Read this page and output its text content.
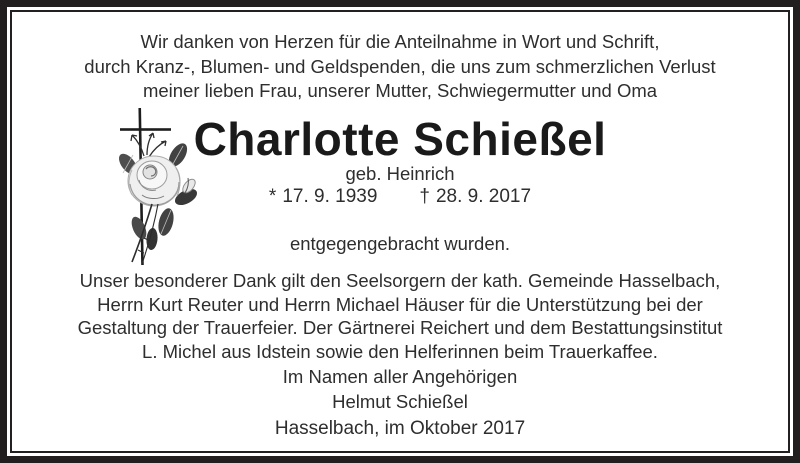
Wir danken von Herzen für die Anteilnahme in Wort und Schrift,
durch Kranz-, Blumen- und Geldspenden, die uns zum schmerzlichen Verlust
meiner lieben Frau, unserer Mutter, Schwiegermutter und Oma
Charlotte Schießel
geb. Heinrich
* 17. 9. 1939 † 28. 9. 2017
entgegengebracht wurden.
Unser besonderer Dank gilt den Seelsorgern der kath. Gemeinde Hasselbach,
Herrn Kurt Reuter und Herrn Michael Häuser für die Unterstützung bei der
Gestaltung der Trauerfeier. Der Gärtnerei Reichert und dem Bestattungsinstitut
L. Michel aus Idstein sowie den Helferinnen beim Trauerkaffee.
Im Namen aller Angehörigen
Helmut Schießel
Hasselbach, im Oktober 2017
